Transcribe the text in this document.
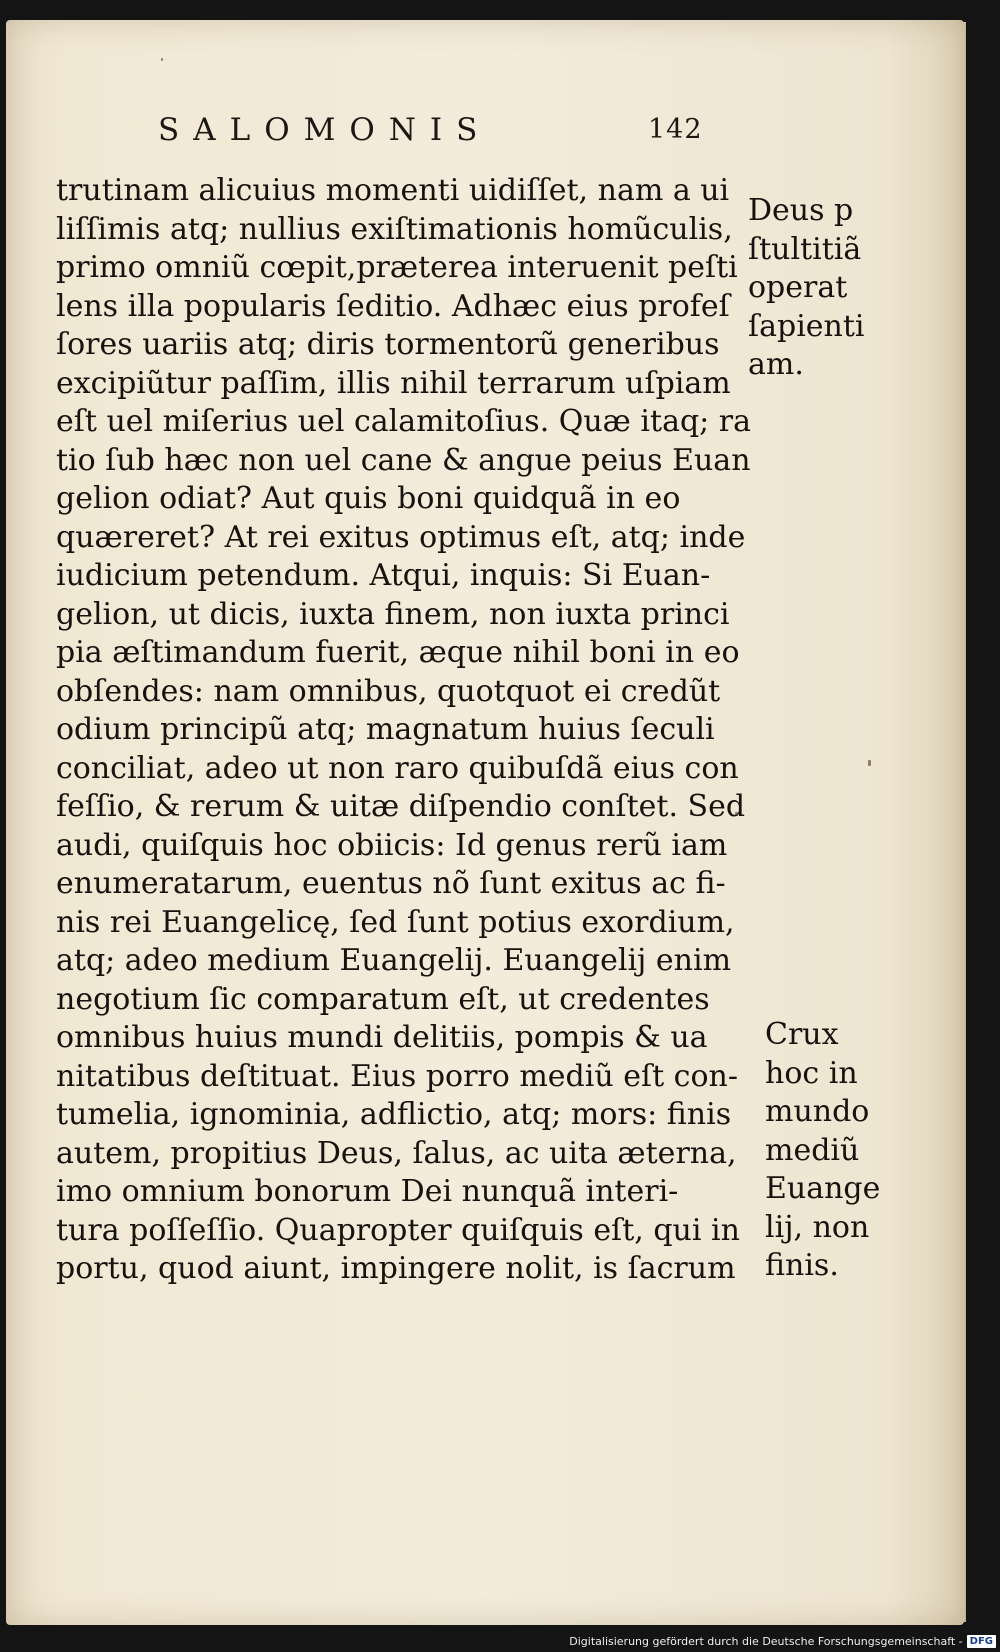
SALOMONIS	142
trutinam alicuius momenti uidiſſet, nam a ui
liſſimis atq; nullius exiſtimationis homũculis,
primo omniũ cœpit,præterea interuenit peſti
lens illa popularis ſeditio. Adhæc eius profeſ
ſores uariis atq; diris tormentorũ generibus
excipiũtur paſſim, illis nihil terrarum uſpiam
eſt uel miſerius uel calamitoſius. Quæ itaq; ra
tio ſub hæc non uel cane & angue peius Euan
gelion odiat? Aut quis boni quidquã in eo
quæreret? At rei exitus optimus eſt, atq; inde
iudicium petendum. Atqui, inquis: Si Euan-
gelion, ut dicis, iuxta finem, non iuxta princi
pia æſtimandum fuerit, æque nihil boni in eo
obſendes: nam omnibus, quotquot ei credũt
odium principũ atq; magnatum huius ſeculi
conciliat, adeo ut non raro quibuſdã eius con
feſſio, & rerum & uitæ diſpendio conſtet. Sed
audi, quiſquis hoc obiicis: Id genus rerũ iam
enumeratarum, euentus nõ ſunt exitus ac fi-
nis rei Euangelicę, ſed ſunt potius exordium,
atq; adeo medium Euangelij. Euangelij enim
negotium ſic comparatum eſt, ut credentes
omnibus huius mundi delitiis, pompis & ua
nitatibus deſtituat. Eius porro mediũ eſt con-
tumelia, ignominia, adflictio, atq; mors: finis
autem, propitius Deus, ſalus, ac uita æterna,
imo omnium bonorum Dei nunquã interi-
tura poſſeſſio. Quapropter quiſquis eſt, qui in
portu, quod aiunt, impingere nolit, is ſacrum
Deus p
ſtultitiã
operat
ſapienti
am.
Crux
hoc in
mundo
mediũ
Euange
lij, non
finis.
Digitalisierung gefördert durch die Deutsche Forschungsgemeinschaft - DFG
